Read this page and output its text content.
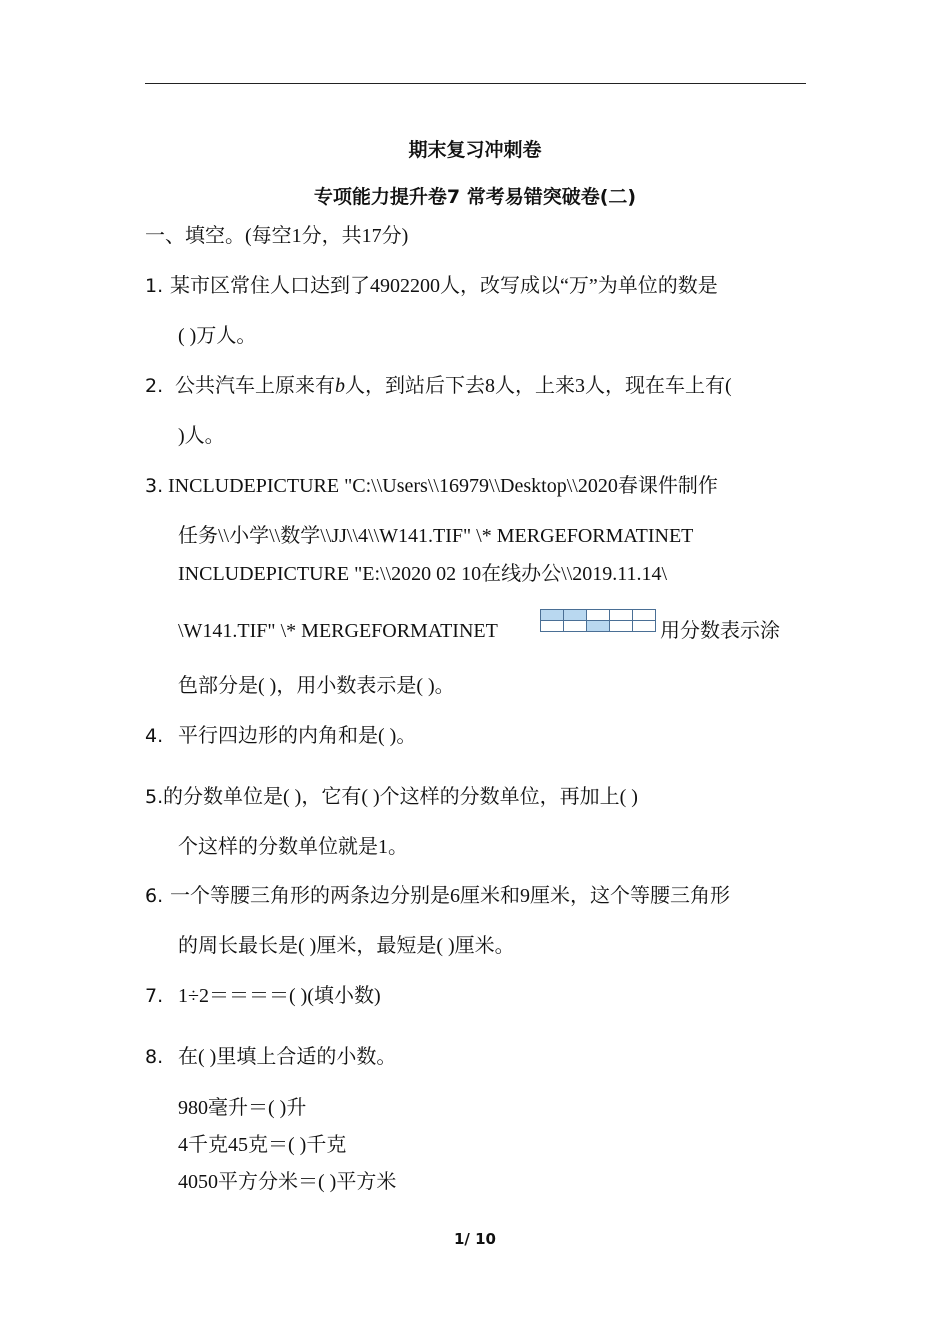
期末复习冲刺卷
专项能力提升卷7 常考易错突破卷(二)
一、填空。(每空1分，共17分)
1. 某市区常住人口达到了4902200人，改写成以“万”为单位的数是
( )万人。
2. 公共汽车上原来有b人，到站后下去8人，上来3人，现在车上有(
)人。
3. INCLUDEPICTURE "C:\\Users\\16979\\Desktop\\2020春课件制作
任务\\小学\\数学\\JJ\\4\\W141.TIF" \* MERGEFORMATINET
INCLUDEPICTURE "E:\\2020 02 10在线办公\\2019.11.14\
\W141.TIF" \* MERGEFORMATINET

					用分数表示涂
色部分是( )，用小数表示是( )。
4. 平行四边形的内角和是( )。
5. 的分数单位是( )，它有( )个这样的分数单位，再加上( )
个这样的分数单位就是1。
6. 一个等腰三角形的两条边分别是6厘米和9厘米，这个等腰三角形
的周长最长是( )厘米，最短是( )厘米。
7. 1÷2＝＝＝＝( )(填小数)
8. 在( )里填上合适的小数。
980毫升＝( )升
4千克45克＝( )千克
4050平方分米＝( )平方米
1/ 10
